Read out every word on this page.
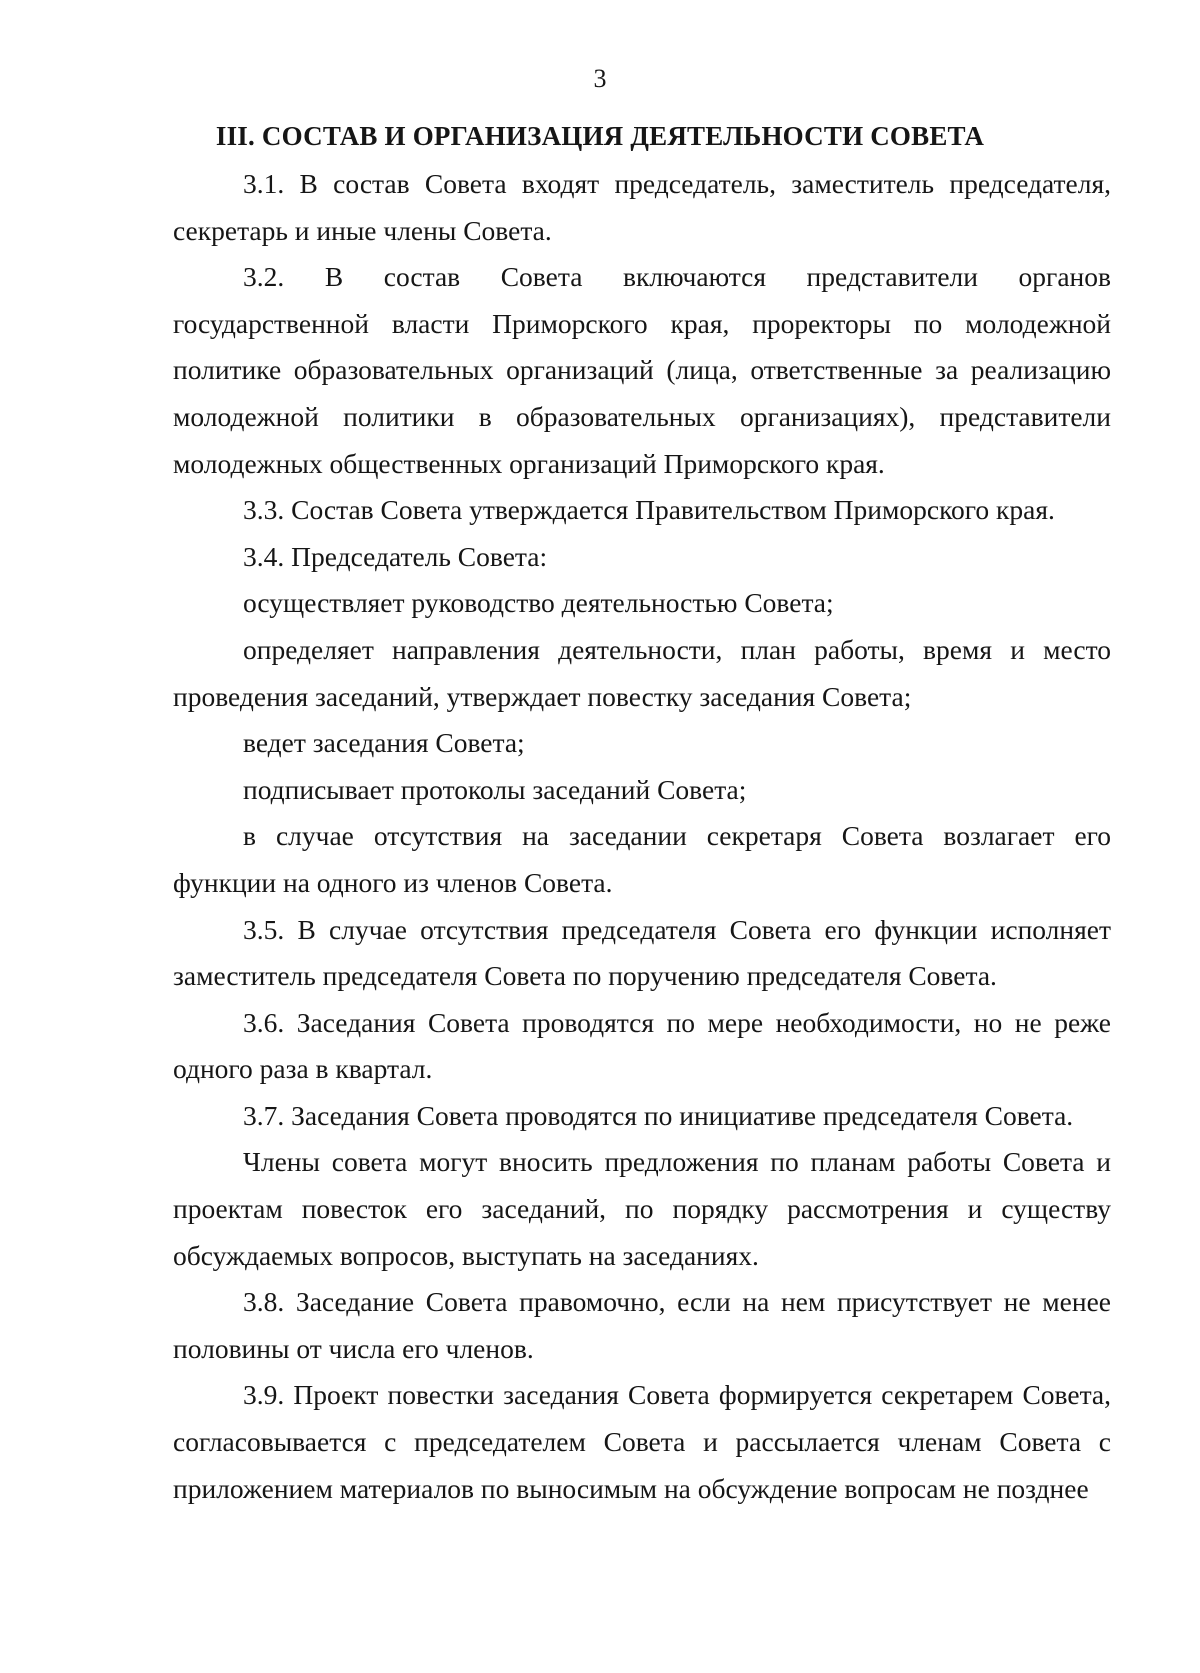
3
III. СОСТАВ И ОРГАНИЗАЦИЯ ДЕЯТЕЛЬНОСТИ СОВЕТА

3.1. В состав Совета входят председатель, заместитель председателя, секретарь и иные члены Совета.

3.2. В состав Совета включаются представители органов государственной власти Приморского края, проректоры по молодежной политике образовательных организаций (лица, ответственные за реализацию молодежной политики в образовательных организациях), представители молодежных общественных организаций Приморского края.

3.3. Состав Совета утверждается Правительством Приморского края.

3.4. Председатель Совета:

осуществляет руководство деятельностью Совета;

определяет направления деятельности, план работы, время и место проведения заседаний, утверждает повестку заседания Совета;

ведет заседания Совета;

подписывает протоколы заседаний Совета;

в случае отсутствия на заседании секретаря Совета возлагает его функции на одного из членов Совета.

3.5. В случае отсутствия председателя Совета его функции исполняет заместитель председателя Совета по поручению председателя Совета.

3.6. Заседания Совета проводятся по мере необходимости, но не реже одного раза в квартал.

3.7. Заседания Совета проводятся по инициативе председателя Совета.

Члены совета могут вносить предложения по планам работы Совета и проектам повесток его заседаний, по порядку рассмотрения и существу обсуждаемых вопросов, выступать на заседаниях.

3.8. Заседание Совета правомочно, если на нем присутствует не менее половины от числа его членов.

3.9. Проект повестки заседания Совета формируется секретарем Совета, согласовывается с председателем Совета и рассылается членам Совета с приложением материалов по выносимым на обсуждение вопросам не позднее
